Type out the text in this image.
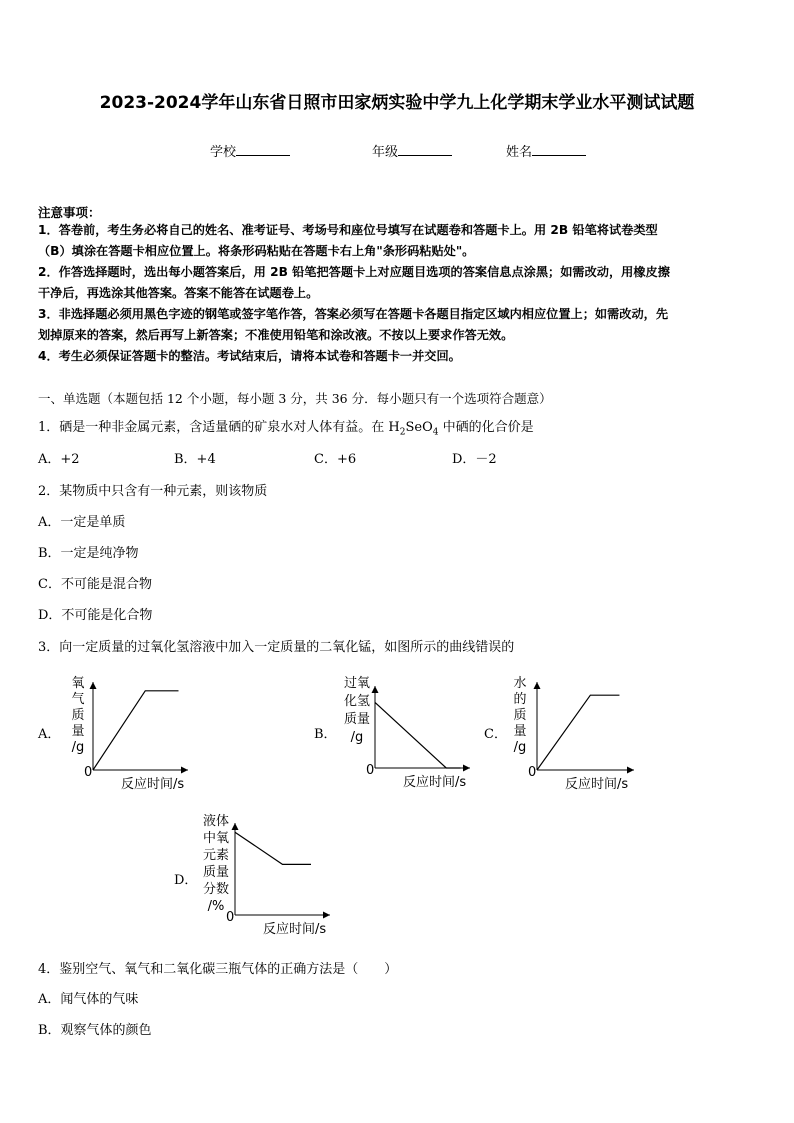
2023-2024学年山东省日照市田家炳实验中学九上化学期末学业水平测试试题
学校	年级	姓名
注意事项：
1．答卷前，考生务必将自己的姓名、准考证号、考场号和座位号填写在试题卷和答题卡上。用 2B 铅笔将试卷类型
（B）填涂在答题卡相应位置上。将条形码粘贴在答题卡右上角"条形码粘贴处"。
2．作答选择题时，选出每小题答案后，用 2B 铅笔把答题卡上对应题目选项的答案信息点涂黑；如需改动，用橡皮擦
干净后，再选涂其他答案。答案不能答在试题卷上。
3．非选择题必须用黑色字迹的钢笔或签字笔作答，答案必须写在答题卡各题目指定区域内相应位置上；如需改动，先
划掉原来的答案，然后再写上新答案；不准使用铅笔和涂改液。不按以上要求作答无效。
4．考生必须保证答题卡的整洁。考试结束后，请将本试卷和答题卡一并交回。
一、单选题（本题包括 12 个小题，每小题 3 分，共 36 分．每小题只有一个选项符合题意）
1．硒是一种非金属元素，含适量硒的矿泉水对人体有益。在 $H_2SeO_4$ 中硒的化合价是
A．+2	B．+4	C．+6	D．－2
2．某物质中只含有一种元素，则该物质
A．一定是单质
B．一定是纯净物
C．不可能是混合物
D．不可能是化合物
3．向一定质量的过氧化氢溶液中加入一定质量的二氧化锰，如图所示的曲线错误的
A．
0
氧
气
质
量
/g
反应时间/s
B．
0
过氧
化氢
质量
/g
反应时间/s
C．
0
水
的
质
量
/g
反应时间/s
D．
0
液体
中氧
元素
质量
分数
/%
反应时间/s
4．鉴别空气、氧气和二氧化碳三瓶气体的正确方法是（　　）
A．闻气体的气味
B．观察气体的颜色
